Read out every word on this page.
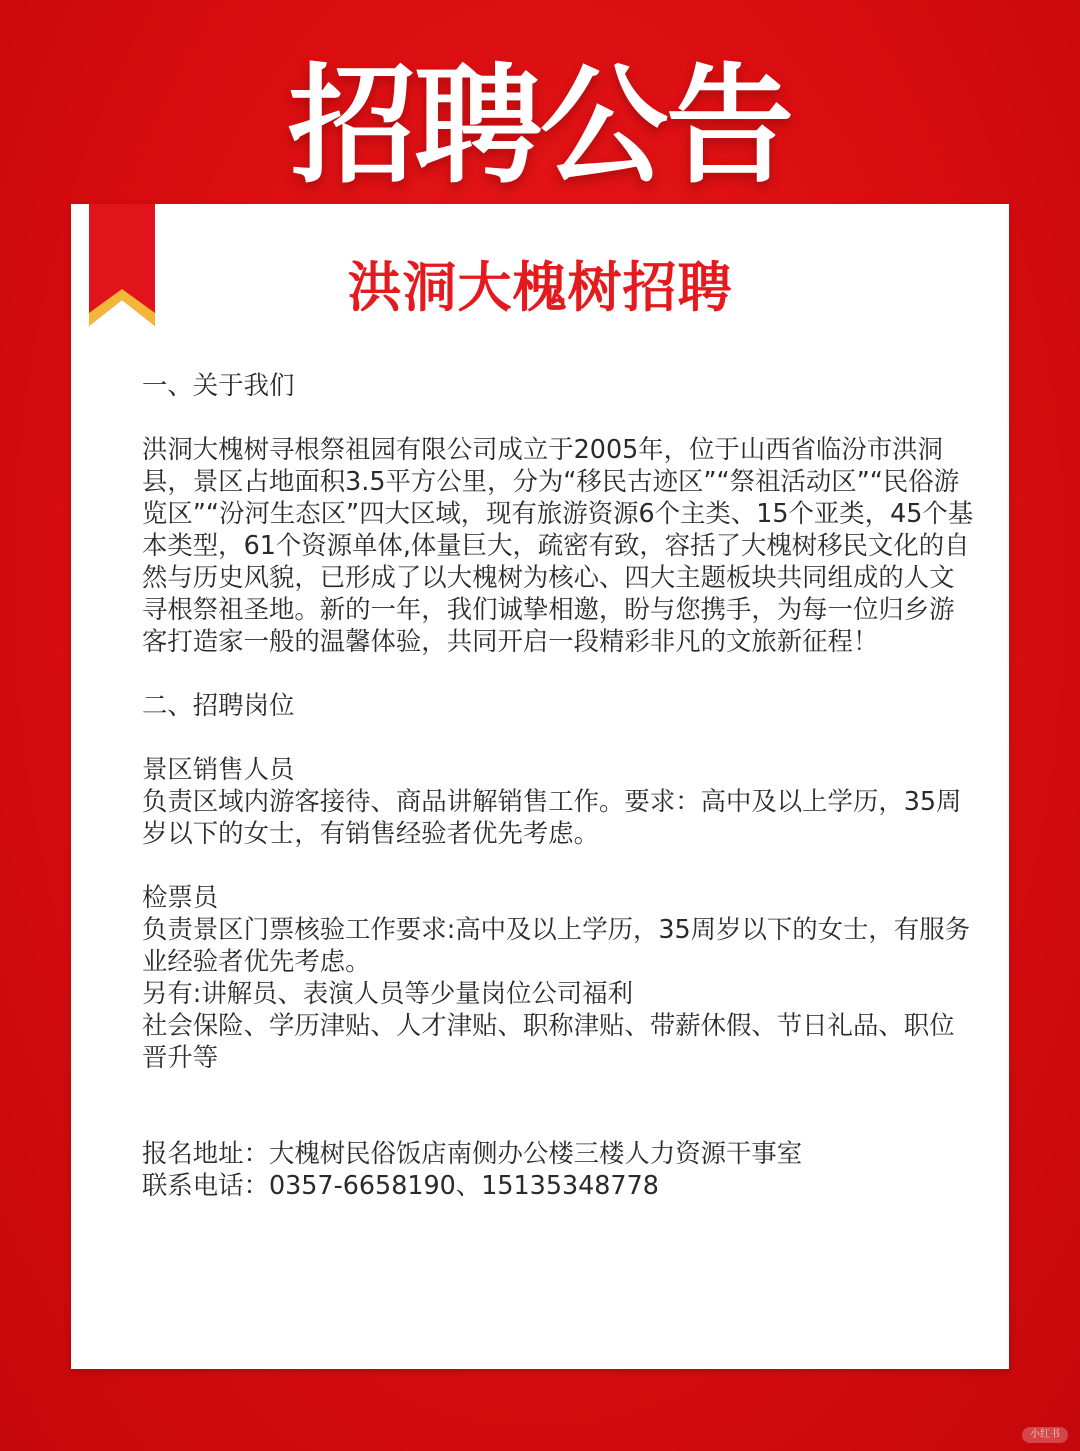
招聘公告
洪洞大槐树招聘

一、关于我们

洪洞大槐树寻根祭祖园有限公司成立于2005年，位于山西省临汾市洪洞县，景区占地面积3.5平方公里，分为“移民古迹区”“祭祖活动区”“民俗游览区”“汾河生态区”四大区域，现有旅游资源6个主类、15个亚类，45个基本类型，61个资源单体,体量巨大，疏密有致，容括了大槐树移民文化的自然与历史风貌，已形成了以大槐树为核心、四大主题板块共同组成的人文寻根祭祖圣地。新的一年，我们诚挚相邀，盼与您携手，为每一位归乡游客打造家一般的温馨体验，共同开启一段精彩非凡的文旅新征程！

二、招聘岗位

景区销售人员

负责区域内游客接待、商品讲解销售工作。要求：高中及以上学历，35周岁以下的女士，有销售经验者优先考虑。

检票员

负责景区门票核验工作要求:高中及以上学历，35周岁以下的女士，有服务业经验者优先考虑。

另有:讲解员、表演人员等少量岗位公司福利

社会保险、学历津贴、人才津贴、职称津贴、带薪休假、节日礼品、职位晋升等

报名地址：大槐树民俗饭店南侧办公楼三楼人力资源干事室

联系电话：0357-6658190、15135348778

小红书
